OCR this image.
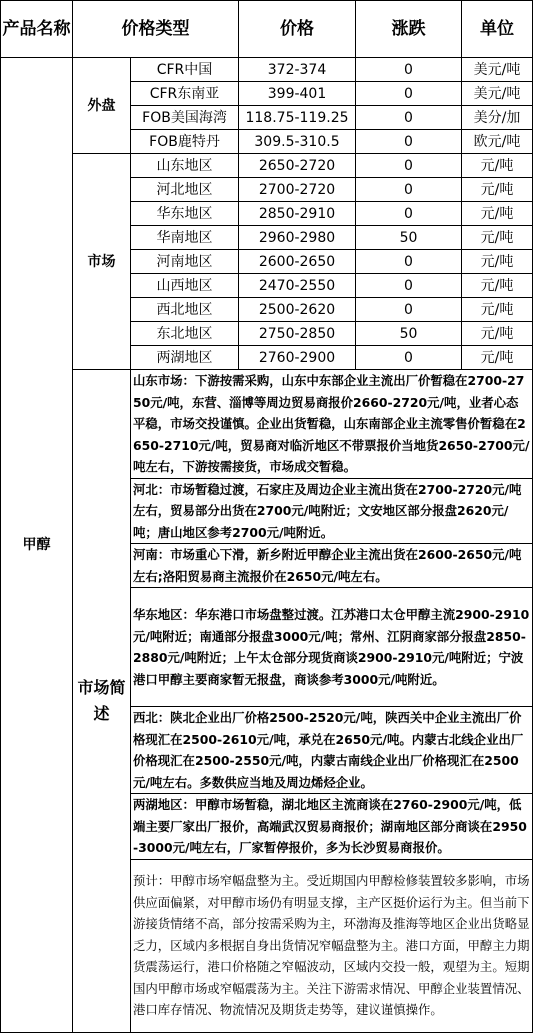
产品名称	价格类型		价格	涨跌	单位
甲醇	外盘	CFR中国	372-374	0	美元/吨
		CFR东南亚	399-401	0	美元/吨
		FOB美国海湾	118.75-119.25	0	美分/加
		FOB鹿特丹	309.5-310.5	0	欧元/吨
	市场	山东地区	2650-2720	0	元/吨
		河北地区	2700-2720	0	元/吨
		华东地区	2850-2910	0	元/吨
		华南地区	2960-2980	50	元/吨
		河南地区	2600-2650	0	元/吨
		山西地区	2470-2550	0	元/吨
		西北地区	2500-2620	0	元/吨
		东北地区	2750-2850	50	元/吨
		两湖地区	2760-2900	0	元/吨
	市场简述	山东市场：下游按需采购，山东中东部企业主流出厂价暂稳在2700-2750元/吨，东营、淄博等周边贸易商报价2660-2720元/吨，业者心态平稳，市场交投谨慎。企业出货暂稳，山东南部企业主流零售价暂稳在2650-2710元/吨，贸易商对临沂地区不带票报价当地货2650-2700元/吨左右，下游按需接货，市场成交暂稳。			
		河北：市场暂稳过渡，石家庄及周边企业主流出货在2700-2720元/吨左右，贸易部分出货在2700元/吨附近；文安地区部分报盘2620元/吨；唐山地区参考2700元/吨附近。			
		河南：市场重心下滑，新乡附近甲醇企业主流出货在2600-2650元/吨左右;洛阳贸易商主流报价在2650元/吨左右。			
		华东地区：华东港口市场盘整过渡。江苏港口太仓甲醇主流2900-2910元/吨附近；南通部分报盘3000元/吨；常州、江阴商家部分报盘2850-2880元/吨附近；上午太仓部分现货商谈2900-2910元/吨附近；宁波港口甲醇主要商家暂无报盘，商谈参考3000元/吨附近。			
		西北：陕北企业出厂价格2500-2520元/吨，陕西关中企业主流出厂价格现汇在2500-2610元/吨，承兑在2650元/吨。内蒙古北线企业出厂价格现汇在2500-2550元/吨，内蒙古南线企业出厂价格现汇在2500元/吨左右。多数供应当地及周边烯烃企业。			
		两湖地区：甲醇市场暂稳，湖北地区主流商谈在2760-2900元/吨，低端主要厂家出厂报价，高端武汉贸易商报价；湖南地区部分商谈在2950-3000元/吨左右，厂家暂停报价，多为长沙贸易商报价。			
		预计：甲醇市场窄幅盘整为主。受近期国内甲醇检修装置较多影响，市场供应面偏紧，对甲醇市场仍有明显支撑，主产区挺价运行为主。但当前下游接货情绪不高，部分按需采购为主，环渤海及推海等地区企业出货略显乏力，区域内多根据自身出货情况窄幅盘整为主。港口方面，甲醇主力期货震荡运行，港口价格随之窄幅波动，区域内交投一般，观望为主。短期国内甲醇市场或窄幅震荡为主。关注下游需求情况、甲醇企业装置情况、港口库存情况、物流情况及期货走势等，建议谨慎操作。			
